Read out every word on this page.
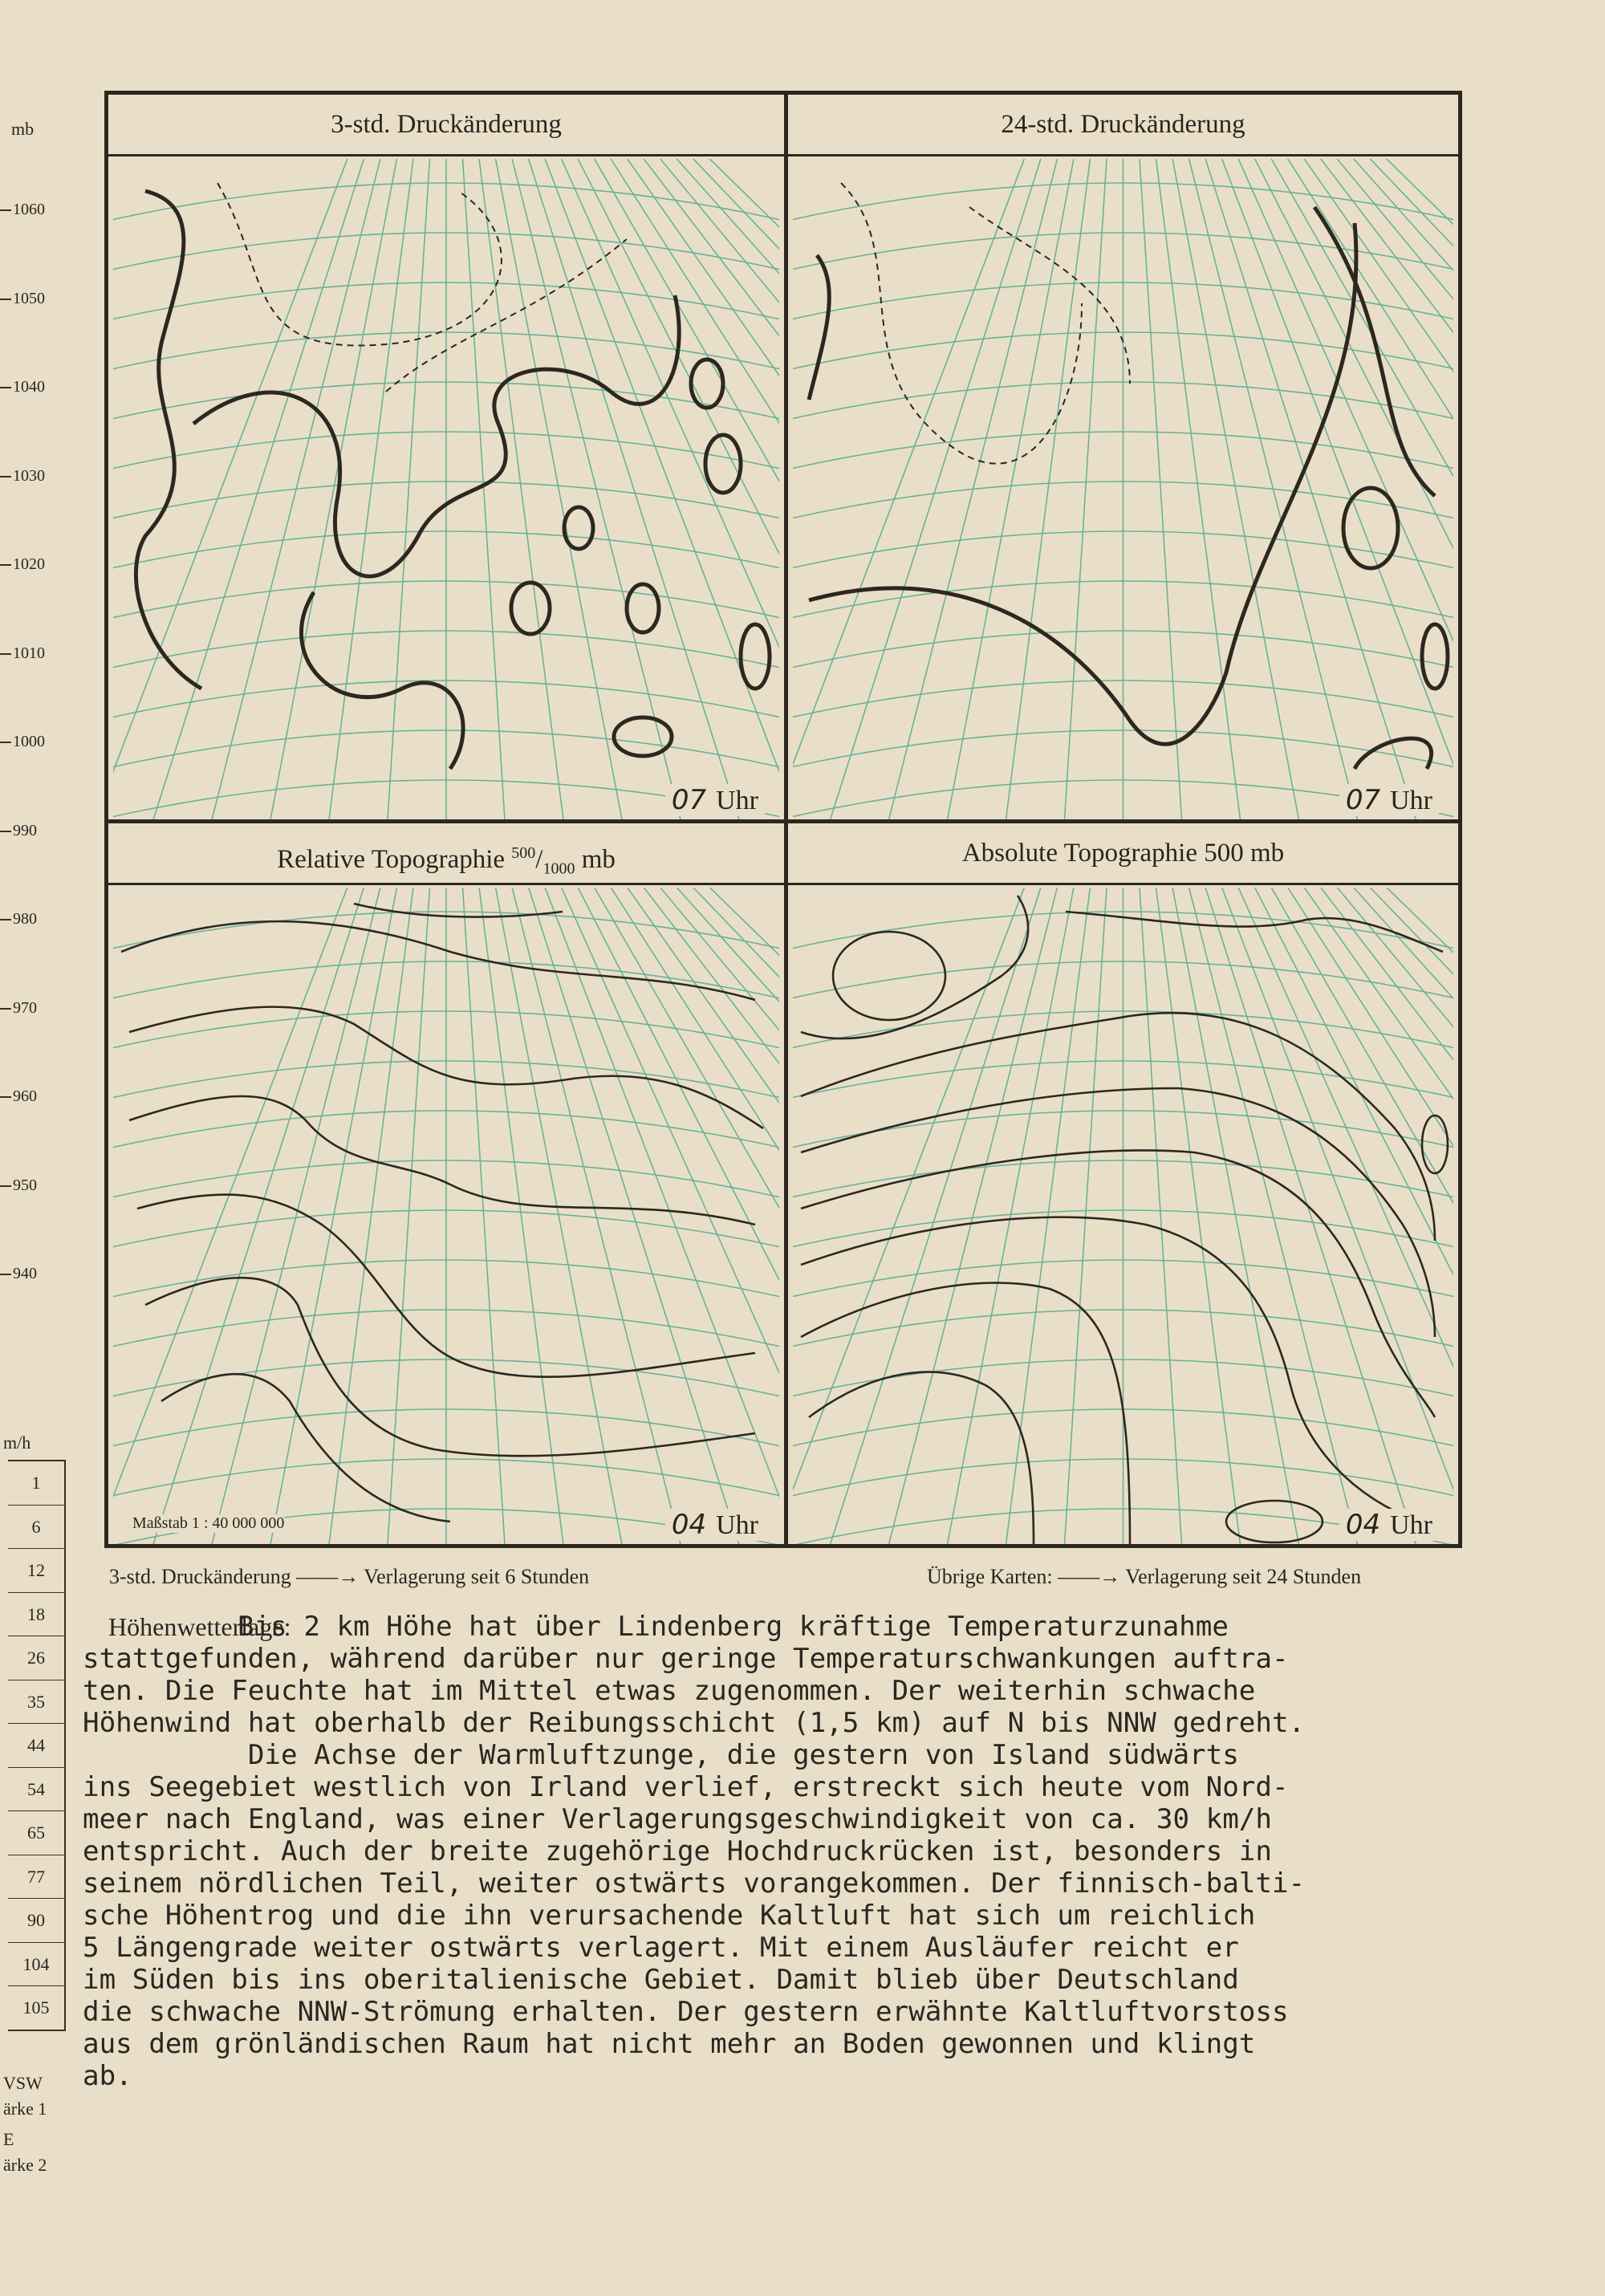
mb
1060
1050
1040
1030
1020
1010
1000
990
980
970
960
950
940
m/h
1
6
12
18
26
35
44
54
65
77
90
104
105
VSW
ärke 1
E
ärke 2
3-std. Druckänderung
07 Uhr
24-std. Druckänderung
07 Uhr
Relative Topographie $^{500}/_{1000}$ mb
Maßstab 1 : 40 000 000	04 Uhr
Absolute Topographie 500 mb
04 Uhr
3-std. Druckänderung ——→ Verlagerung seit 6 Stunden	Übrige Karten: ——→ Verlagerung seit 24 Stunden
Höhenwetterlage:

Bis 2 km Höhe hat über Lindenberg kräftige Temperaturzunahme

stattgefunden, während darüber nur geringe Temperaturschwankungen auftra-

ten. Die Feuchte hat im Mittel etwas zugenommen. Der weiterhin schwache

Höhenwind hat oberhalb der Reibungsschicht (1,5 km) auf N bis NNW gedreht.

Die Achse der Warmluftzunge, die gestern von Island südwärts

ins Seegebiet westlich von Irland verlief, erstreckt sich heute vom Nord-

meer nach England, was einer Verlagerungsgeschwindigkeit von ca. 30 km/h

entspricht. Auch der breite zugehörige Hochdruckrücken ist, besonders in

seinem nördlichen Teil, weiter ostwärts vorangekommen. Der finnisch-balti-

sche Höhentrog und die ihn verursachende Kaltluft hat sich um reichlich

5 Längengrade weiter ostwärts verlagert. Mit einem Ausläufer reicht er

im Süden bis ins oberitalienische Gebiet. Damit blieb über Deutschland

die schwache NNW-Strömung erhalten. Der gestern erwähnte Kaltluftvorstoss

aus dem grönländischen Raum hat nicht mehr an Boden gewonnen und klingt

ab.
